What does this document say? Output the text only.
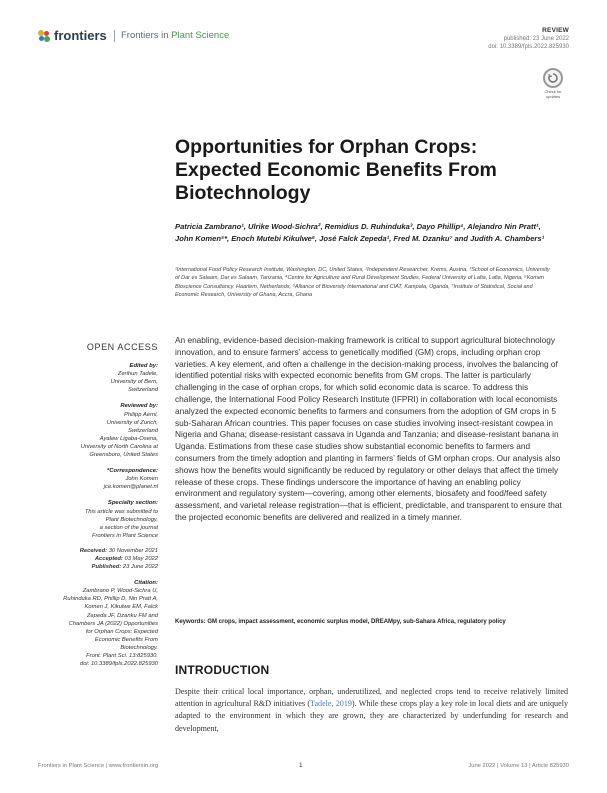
frontiers Frontiers in Plant Science	REVIEW
published: 23 June 2022
doi: 10.3389/fpls.2022.825930
Check for
updates
Opportunities for Orphan Crops: Expected Economic Benefits From Biotechnology
Patricia Zambrano¹, Ulrike Wood-Sichra², Remidius D. Ruhinduka³, Dayo Phillip⁴, Alejandro Nin Pratt¹, John Komen⁵*, Enoch Mutebi Kikulwe⁶, José Falck Zepeda¹, Fred M. Dzanku⁷ and Judith A. Chambers¹
¹International Food Policy Research Institute, Washington, DC, United States, ²Independent Researcher, Krems, Austria, ³School of Economics, University of Dar es Salaam, Dar es Salaam, Tanzania, ⁴Centre for Agriculture and Rural Development Studies, Federal University of Lafia, Lafia, Nigeria, ⁵Komen Bioscience Consultancy, Haarlem, Netherlands, ⁶Alliance of Bioversity International and CIAT, Kampala, Uganda, ⁷Institute of Statistical, Social and Economic Research, University of Ghana, Accra, Ghana
An enabling, evidence-based decision-making framework is critical to support agricultural biotechnology innovation, and to ensure farmers’ access to genetically modified (GM) crops, including orphan crop varieties. A key element, and often a challenge in the decision-making process, involves the balancing of identified potential risks with expected economic benefits from GM crops. The latter is particularly challenging in the case of orphan crops, for which solid economic data is scarce. To address this challenge, the International Food Policy Research Institute (IFPRI) in collaboration with local economists analyzed the expected economic benefits to farmers and consumers from the adoption of GM crops in 5 sub-Saharan African countries. This paper focuses on case studies involving insect-resistant cowpea in Nigeria and Ghana; disease-resistant cassava in Uganda and Tanzania; and disease-resistant banana in Uganda. Estimations from these case studies show substantial economic benefits to farmers and consumers from the timely adoption and planting in farmers’ fields of GM orphan crops. Our analysis also shows how the benefits would significantly be reduced by regulatory or other delays that affect the timely release of these crops. These findings underscore the importance of having an enabling policy environment and regulatory system—covering, among other elements, biosafety and food/feed safety assessment, and varietal release registration—that is efficient, predictable, and transparent to ensure that the projected economic benefits are delivered and realized in a timely manner.
Keywords: GM crops, impact assessment, economic surplus model, DREAMpy, sub-Sahara Africa, regulatory policy
INTRODUCTION
Despite their critical local importance, orphan, underutilized, and neglected crops tend to receive relatively limited attention in agricultural R&D initiatives (Tadele, 2019). While these crops play a key role in local diets and are uniquely adapted to the environment in which they are grown, they are characterized by underfunding for research and development,
OPEN ACCESS
Edited by:
Zerihun Tadele,
University of Bern,
Switzerland
Reviewed by:
Philipp Aerni,
University of Zurich,
Switzerland
Ayalew Ligaba-Osena,
University of North Carolina at
Greensboro, United States
*Correspondence:
John Komen
jce.komen@planet.nl
Specialty section:
This article was submitted to
Plant Biotechnology,
a section of the journal
Frontiers in Plant Science
Received: 30 November 2021
Accepted: 03 May 2022
Published: 23 June 2022
Citation:
Zambrano P, Wood-Sichra U,
Ruhinduka RD, Phillip D, Nin Pratt A,
Komen J, Kikulwe EM, Falck
Zepeda JF, Dzanku FM and
Chambers JA (2022) Opportunities
for Orphan Crops: Expected
Economic Benefits From
Biotechnology.
Front. Plant Sci. 13:825930.
doi: 10.3389/fpls.2022.825930
Frontiers in Plant Science | www.frontiersin.org	1	June 2022 | Volume 13 | Article 825930
